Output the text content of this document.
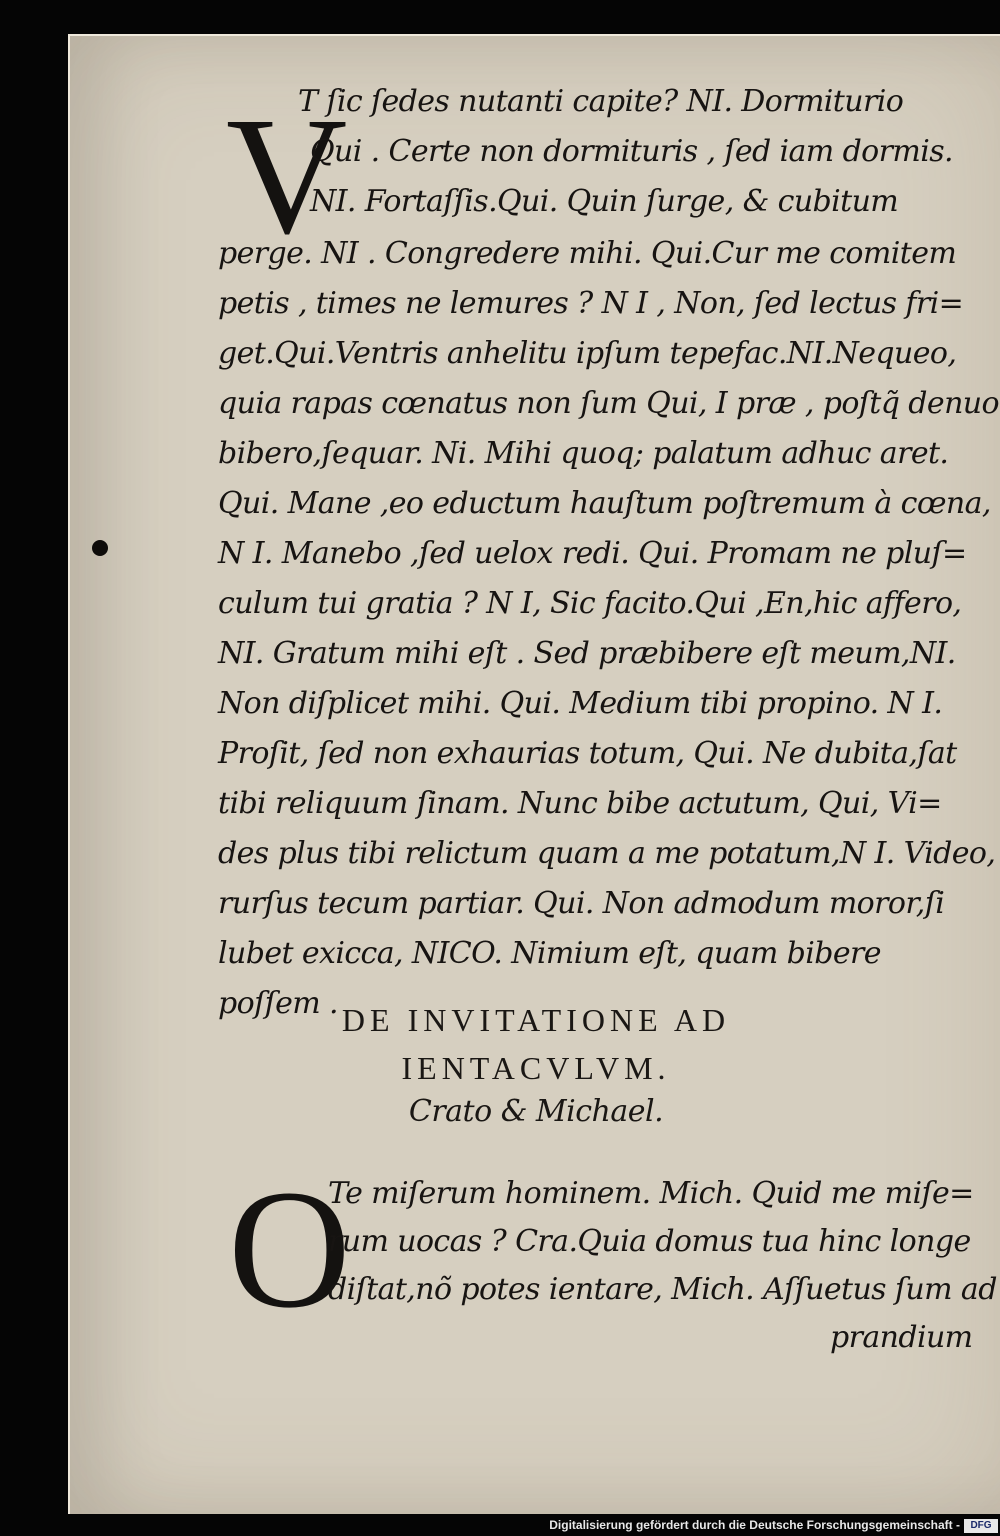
V
T ſic ſedes nutanti capite? NI. Dormiturio
Qui . Certe non dormituris , ſed iam dormis.
NI. Fortaſſis.Qui. Quin ſurge, & cubitum
perge. NI . Congredere mihi. Qui.Cur me comitem
petis , times ne lemures ? N I , Non, ſed lectus fri=
get.Qui.Ventris anhelitu ipſum tepefac.NI.Nequeo,
quia rapas cœnatus non ſum Qui, I præ , poſtq̃ denuo
bibero,ſequar. Ni. Mihi quoq; palatum adhuc aret.
Qui. Mane ,eo eductum hauſtum poſtremum à cœna,
N I. Manebo ,ſed uelox redi. Qui. Promam ne pluſ=
culum tui gratia ? N I, Sic facito.Qui ,En,hic affero,
NI. Gratum mihi eſt . Sed præbibere eſt meum,NI.
Non diſplicet mihi. Qui. Medium tibi propino. N I.
Proſit, ſed non exhaurias totum, Qui. Ne dubita,ſat
tibi reliquum ſinam. Nunc bibe actutum, Qui, Vi=
des plus tibi relictum quam a me potatum,N I. Video,
rurſus tecum partiar. Qui. Non admodum moror,ſi
lubet exicca, NICO. Nimium eſt, quam bibere
poſſem . DE INVITATIONE AD
IENTACVLVM.
Crato & Michael.
O
Te miſerum hominem. Mich. Quid me miſe=
rum uocas ? Cra.Quia domus tua hinc longe
diſtat,nõ potes ientare, Mich. Aſſuetus ſum ad
prandium
Digitalisierung gefördert durch die Deutsche Forschungsgemeinschaft -	DFG
